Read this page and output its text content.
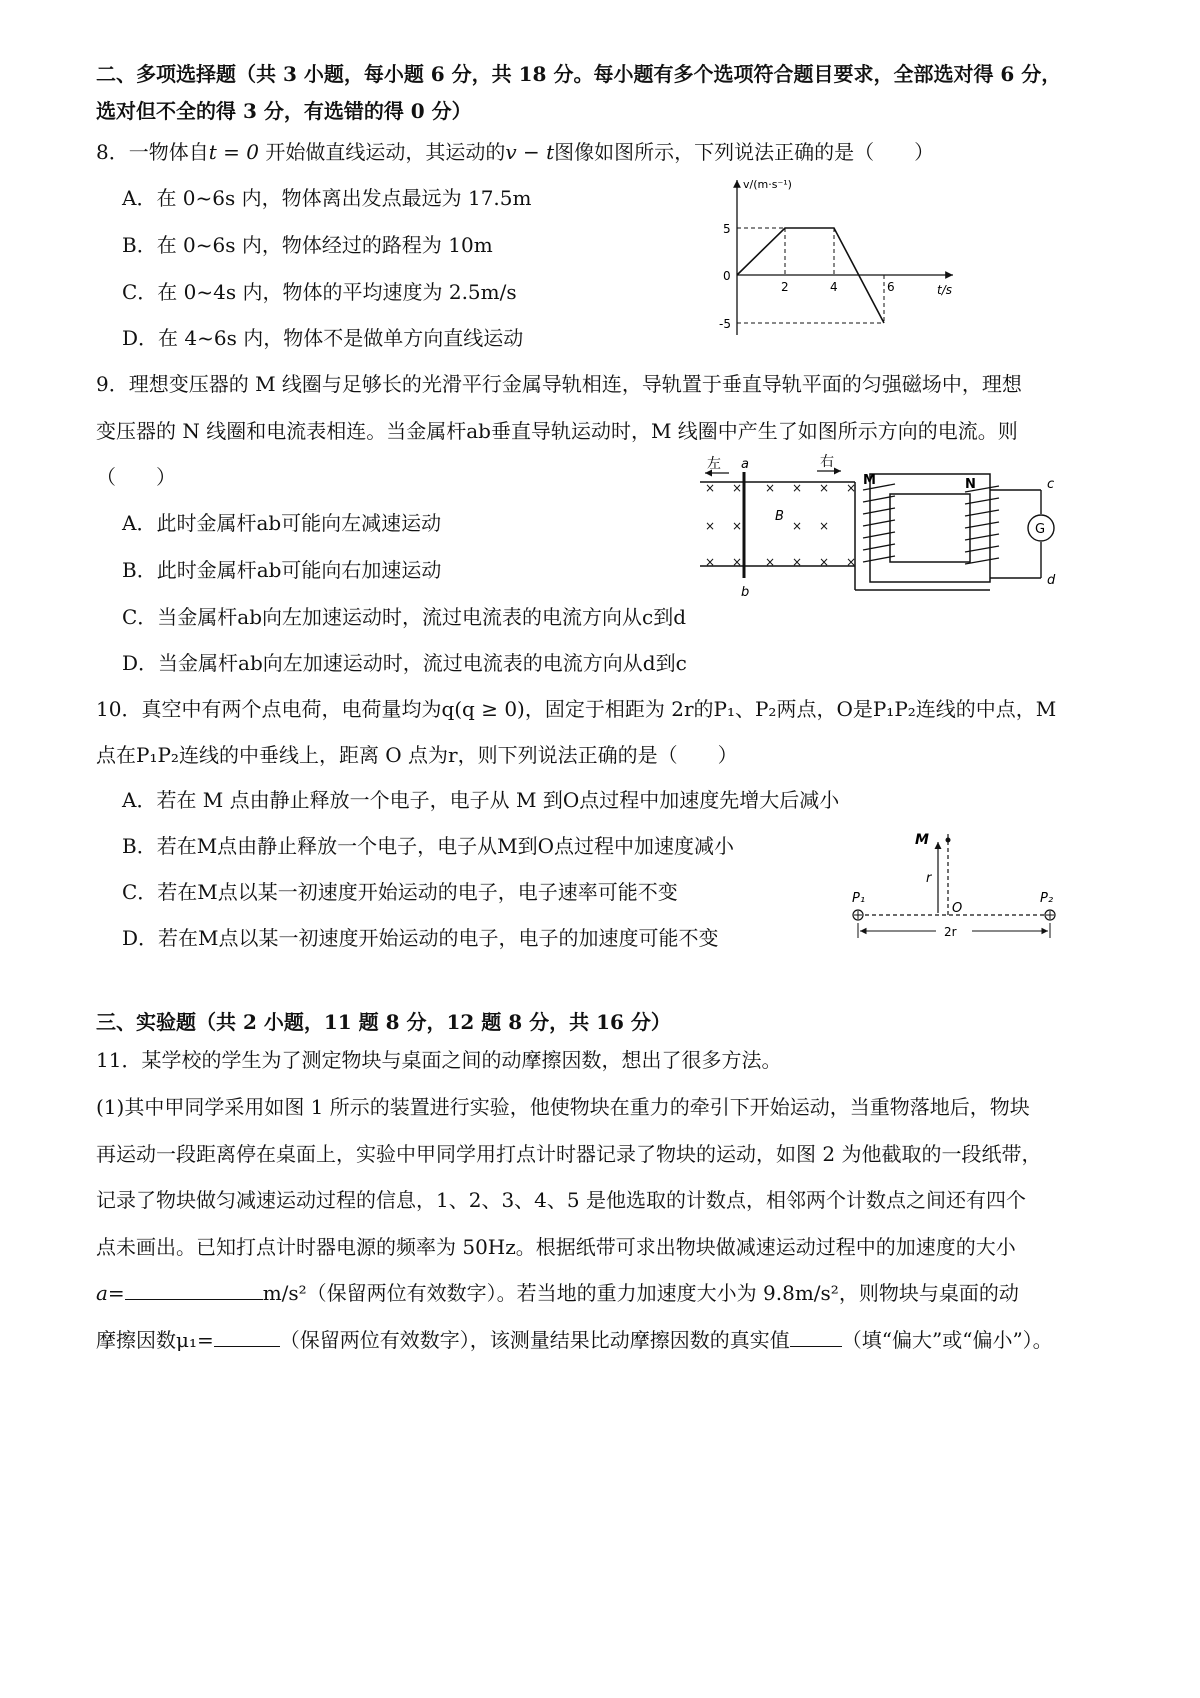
二、多项选择题（共 3 小题，每小题 6 分，共 18 分。每小题有多个选项符合题目要求，全部选对得 6 分，
选对但不全的得 3 分，有选错的得 0 分）
8．一物体自t = 0 开始做直线运动，其运动的v − t图像如图所示，下列说法正确的是（　　）
A．在 0~6s 内，物体离出发点最远为 17.5m
B．在 0~6s 内，物体经过的路程为 10m
C．在 0~4s 内，物体的平均速度为 2.5m/s
D．在 4~6s 内，物体不是做单方向直线运动
v/(m·s⁻¹)
t/s
5
0
-5
2	4	6
9．理想变压器的 M 线圈与足够长的光滑平行金属导轨相连，导轨置于垂直导轨平面的匀强磁场中，理想
变压器的 N 线圈和电流表相连。当金属杆ab垂直导轨运动时，M 线圈中产生了如图所示方向的电流。则
（　　）
A．此时金属杆ab可能向左减速运动
B．此时金属杆ab可能向右加速运动
C．当金属杆ab向左加速运动时，流过电流表的电流方向从c到d
D．当金属杆ab向左加速运动时，流过电流表的电流方向从d到c
a
b
左	右
× × × × × ×
× ×	× ×
× × × × × ×
B
M	N
G
c
d
10．真空中有两个点电荷，电荷量均为q(q ≥ 0)，固定于相距为 2r的P₁、P₂两点，O是P₁P₂连线的中点，M
点在P₁P₂连线的中垂线上，距离 O 点为r，则下列说法正确的是（　　）
A．若在 M 点由静止释放一个电子，电子从 M 到O点过程中加速度先增大后减小
B．若在M点由静止释放一个电子，电子从M到O点过程中加速度减小
C．若在M点以某一初速度开始运动的电子，电子速率可能不变
D．若在M点以某一初速度开始运动的电子，电子的加速度可能不变
M
r
P₁	P₂
O
2r
三、实验题（共 2 小题，11 题 8 分，12 题 8 分，共 16 分）
11．某学校的学生为了测定物块与桌面之间的动摩擦因数，想出了很多方法。
(1)其中甲同学采用如图 1 所示的装置进行实验，他使物块在重力的牵引下开始运动，当重物落地后，物块
再运动一段距离停在桌面上，实验中甲同学用打点计时器记录了物块的运动，如图 2 为他截取的一段纸带，
记录了物块做匀减速运动过程的信息，1、2、3、4、5 是他选取的计数点，相邻两个计数点之间还有四个
点未画出。已知打点计时器电源的频率为 50Hz。根据纸带可求出物块做减速运动过程中的加速度的大小
a=	m/s²（保留两位有效数字）。若当地的重力加速度大小为 9.8m/s²，则物块与桌面的动
摩擦因数μ₁=	（保留两位有效数字），该测量结果比动摩擦因数的真实值	（填“偏大”或“偏小”）。
